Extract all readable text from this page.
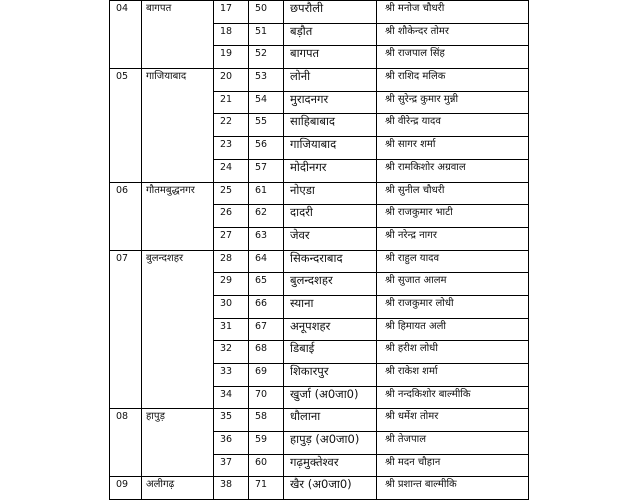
04	बागपत	17	50	छपरौली	श्री मनोज चौधरी
		18	51	बड़ौत	श्री शौकेन्दर तोमर
		19	52	बागपत	श्री राजपाल सिंह
05	गाजियाबाद	20	53	लोनी	श्री राशिद मलिक
		21	54	मुरादनगर	श्री सुरेन्द्र कुमार मुन्नी
		22	55	साहिबाबाद	श्री वीरेन्द्र यादव
		23	56	गाजियाबाद	श्री सागर शर्मा
		24	57	मोदीनगर	श्री रामकिशोर अग्रवाल
06	गौतमबुद्धनगर	25	61	नोएडा	श्री सुनील चौधरी
		26	62	दादरी	श्री राजकुमार भाटी
		27	63	जेवर	श्री नरेन्द्र नागर
07	बुलन्दशहर	28	64	सिकन्दराबाद	श्री राहुल यादव
		29	65	बुलन्दशहर	श्री सुजात आलम
		30	66	स्याना	श्री राजकुमार लोधी
		31	67	अनूपशहर	श्री हिमायत अली
		32	68	डिबाई	श्री हरीश लोधी
		33	69	शिकारपुर	श्री राकेश शर्मा
		34	70	खुर्जा (अ0जा0)	श्री नन्दकिशोर बाल्मीकि
08	हापुड़	35	58	धौलाना	श्री धर्मेश तोमर
		36	59	हापुड़ (अ0जा0)	श्री तेजपाल
		37	60	गढ़मुक्तेश्वर	श्री मदन चौहान
09	अलीगढ़	38	71	खैर (अ0जा0)	श्री प्रशान्त बाल्मीकि
